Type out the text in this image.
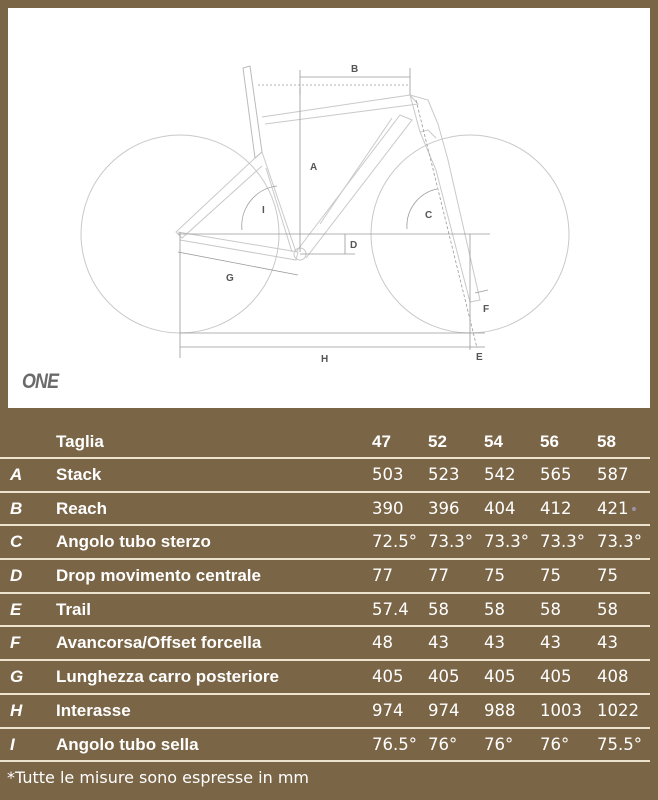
A
B
C
D
E
F
G
H
I
ONE
Taglia	47 52 54 56 58
A Stack	503 523 542 565 587
B Reach	390 396 404 412 421
C Angolo tubo sterzo	72.5° 73.3° 73.3° 73.3° 73.3°
D Drop movimento centrale	77 77 75 75 75
E Trail	57.4 58 58 58 58
F Avancorsa/Offset forcella	48 43 43 43 43
G Lunghezza carro posteriore	405 405 405 405 408
H Interasse	974 974 988 1003 1022
I Angolo tubo sella	76.5° 76° 76° 76° 75.5°
*Tutte le misure sono espresse in mm
